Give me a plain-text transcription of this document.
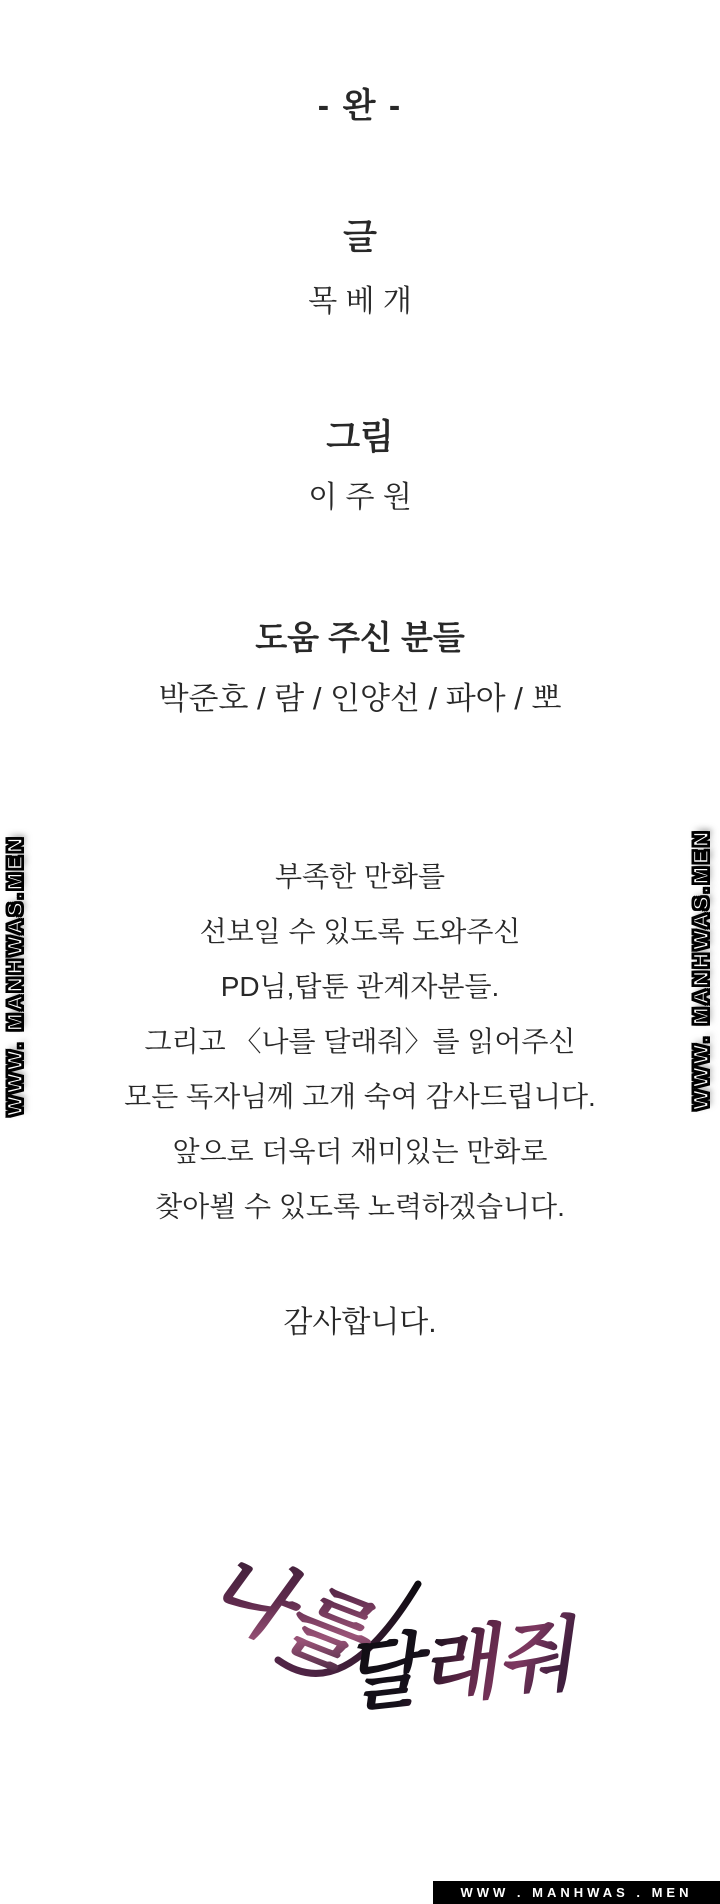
- 완 -
글
목 베 개
그림
이 주 원
도움 주신 분들
박준호 / 람 / 인양선 / 파아 / 뽀
부족한 만화를
선보일 수 있도록 도와주신
PD님,탑툰 관계자분들.
그리고 〈나를 달래줘〉를 읽어주신
모든 독자님께 고개 숙여 감사드립니다.
앞으로 더욱더 재미있는 만화로
찾아뵐 수 있도록 노력하겠습니다.
감사합니다.
WWW. MANHWAS.MEN	WWW. MANHWAS.MEN
나를
달래줘
WWW . MANHWAS . MEN
